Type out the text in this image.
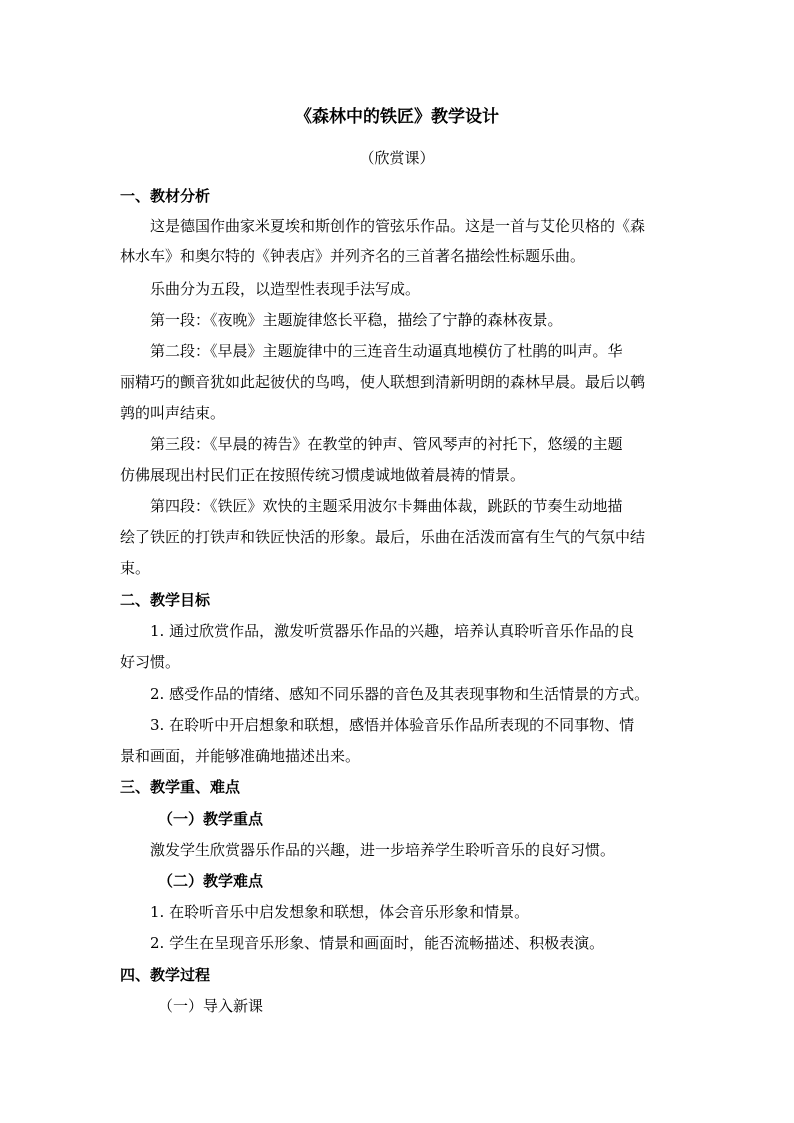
《森林中的铁匠》教学设计
（欣赏课）
一、教材分析
这是德国作曲家米夏埃和斯创作的管弦乐作品。这是一首与艾伦贝格的《森
林水车》和奥尔特的《钟表店》并列齐名的三首著名描绘性标题乐曲。
乐曲分为五段，以造型性表现手法写成。
第一段：《夜晚》主题旋律悠长平稳，描绘了宁静的森林夜景。
第二段：《早晨》主题旋律中的三连音生动逼真地模仿了杜鹃的叫声。华
丽精巧的颤音犹如此起彼伏的鸟鸣，使人联想到清新明朗的森林早晨。最后以鹌
鹑的叫声结束。
第三段：《早晨的祷告》在教堂的钟声、管风琴声的衬托下，悠缓的主题
仿佛展现出村民们正在按照传统习惯虔诚地做着晨祷的情景。
第四段：《铁匠》欢快的主题采用波尔卡舞曲体裁，跳跃的节奏生动地描
绘了铁匠的打铁声和铁匠快活的形象。最后，乐曲在活泼而富有生气的气氛中结
束。
二、教学目标
1. 通过欣赏作品，激发听赏器乐作品的兴趣，培养认真聆听音乐作品的良
好习惯。
2. 感受作品的情绪、感知不同乐器的音色及其表现事物和生活情景的方式。
3. 在聆听中开启想象和联想，感悟并体验音乐作品所表现的不同事物、情
景和画面，并能够准确地描述出来。
三、教学重、难点
（一）教学重点
激发学生欣赏器乐作品的兴趣，进一步培养学生聆听音乐的良好习惯。
（二）教学难点
1. 在聆听音乐中启发想象和联想，体会音乐形象和情景。
2. 学生在呈现音乐形象、情景和画面时，能否流畅描述、积极表演。
四、教学过程
（一）导入新课
